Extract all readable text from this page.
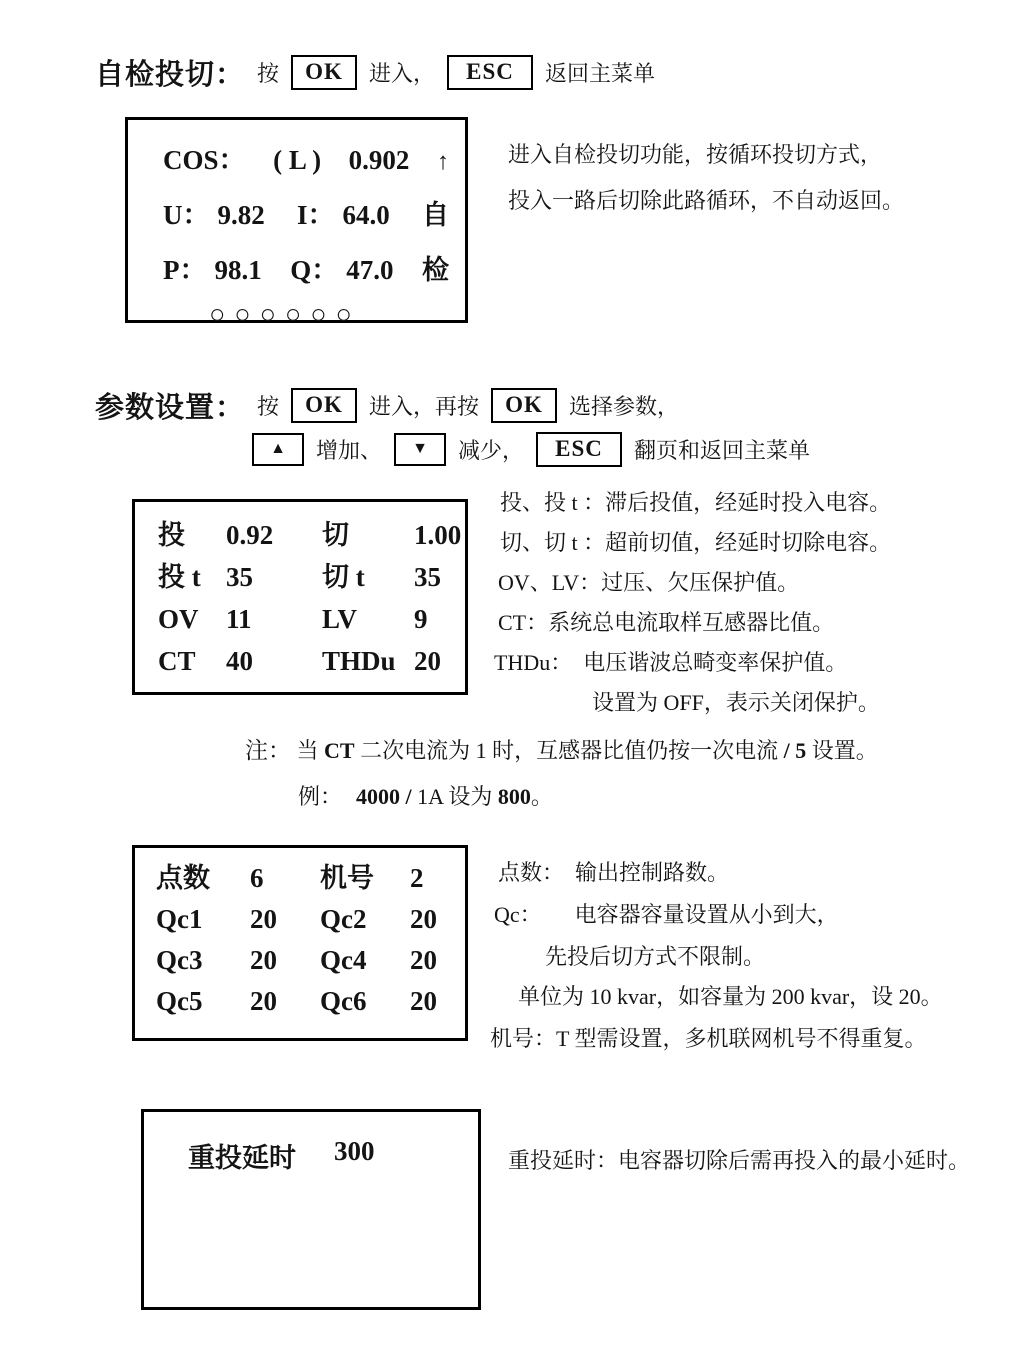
自检投切： 按	OK	进入，	ESC	返回主菜单
COS： ( L ) 0.902 ↑
U： 9.82 I： 64.0 自
P： 98.1 Q： 47.0 检
○○○○○○
进入自检投切功能，按循环投切方式，
投入一路后切除此路循环，不自动返回。
参数设置： 按	OK	进入，再按	OK	选择参数，
▲	增加、	▼	减少，	ESC	翻页和返回主菜单
投	0.92	切	1.00
投 t 35	切 t	35
OV	11	LV	9
CT	40	THDu 20
投、投 t ：滞后投值，经延时投入电容。
切、切 t ：超前切值，经延时切除电容。
OV、LV：过压、欠压保护值。
CT：系统总电流取样互感器比值。
THDu：　电压谐波总畸变率保护值。
设置为 OFF，表示关闭保护。
注： 当 CT 二次电流为 1 时，互感器比值仍按一次电流 / 5 设置。
例： 4000 / 1A 设为 800。
点数	6	机号	2
Qc1	20	Qc2	20
Qc3	20	Qc4	20
Qc5	20	Qc6	20
点数：　输出控制路数。
Qc：　　电容器容量设置从小到大，
先投后切方式不限制。
单位为 10 kvar，如容量为 200 kvar，设 20。
机号：T 型需设置，多机联网机号不得重复。
重投延时 300	重投延时：电容器切除后需再投入的最小延时。
